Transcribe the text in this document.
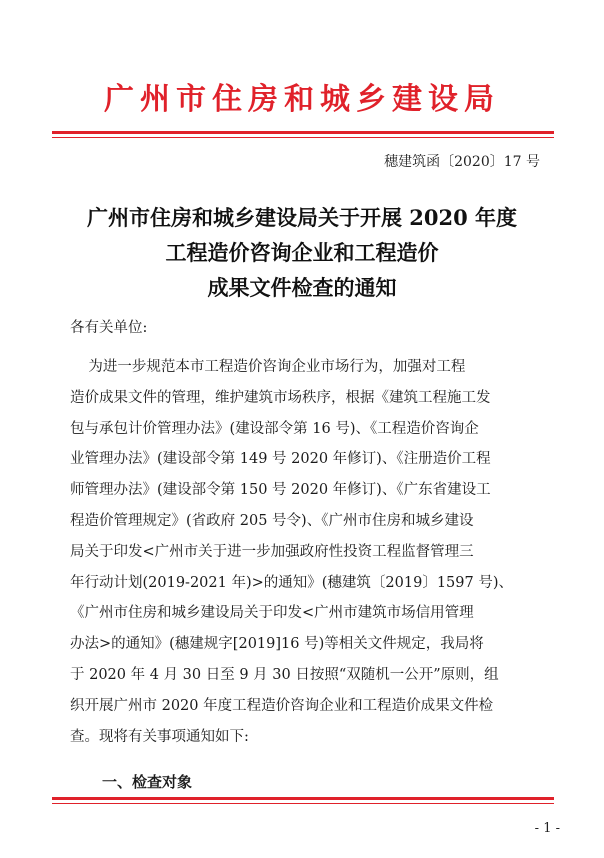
广州市住房和城乡建设局
穗建筑函〔2020〕17 号
广州市住房和城乡建设局关于开展 2020 年度
工程造价咨询企业和工程造价
成果文件检查的通知
各有关单位:
为进一步规范本市工程造价咨询企业市场行为，加强对工程
造价成果文件的管理，维护建筑市场秩序，根据《建筑工程施工发
包与承包计价管理办法》(建设部令第 16 号)、《工程造价咨询企
业管理办法》(建设部令第 149 号 2020 年修订)、《注册造价工程
师管理办法》(建设部令第 150 号 2020 年修订)、《广东省建设工
程造价管理规定》(省政府 205 号令)、《广州市住房和城乡建设
局关于印发<广州市关于进一步加强政府性投资工程监督管理三
年行动计划(2019-2021 年)>的通知》(穗建筑〔2019〕1597 号)、
《广州市住房和城乡建设局关于印发<广州市建筑市场信用管理
办法>的通知》(穗建规字[2019]16 号)等相关文件规定，我局将
于 2020 年 4 月 30 日至 9 月 30 日按照“双随机一公开”原则，组
织开展广州市 2020 年度工程造价咨询企业和工程造价成果文件检
查。现将有关事项通知如下:
一、检查对象
- 1 -
